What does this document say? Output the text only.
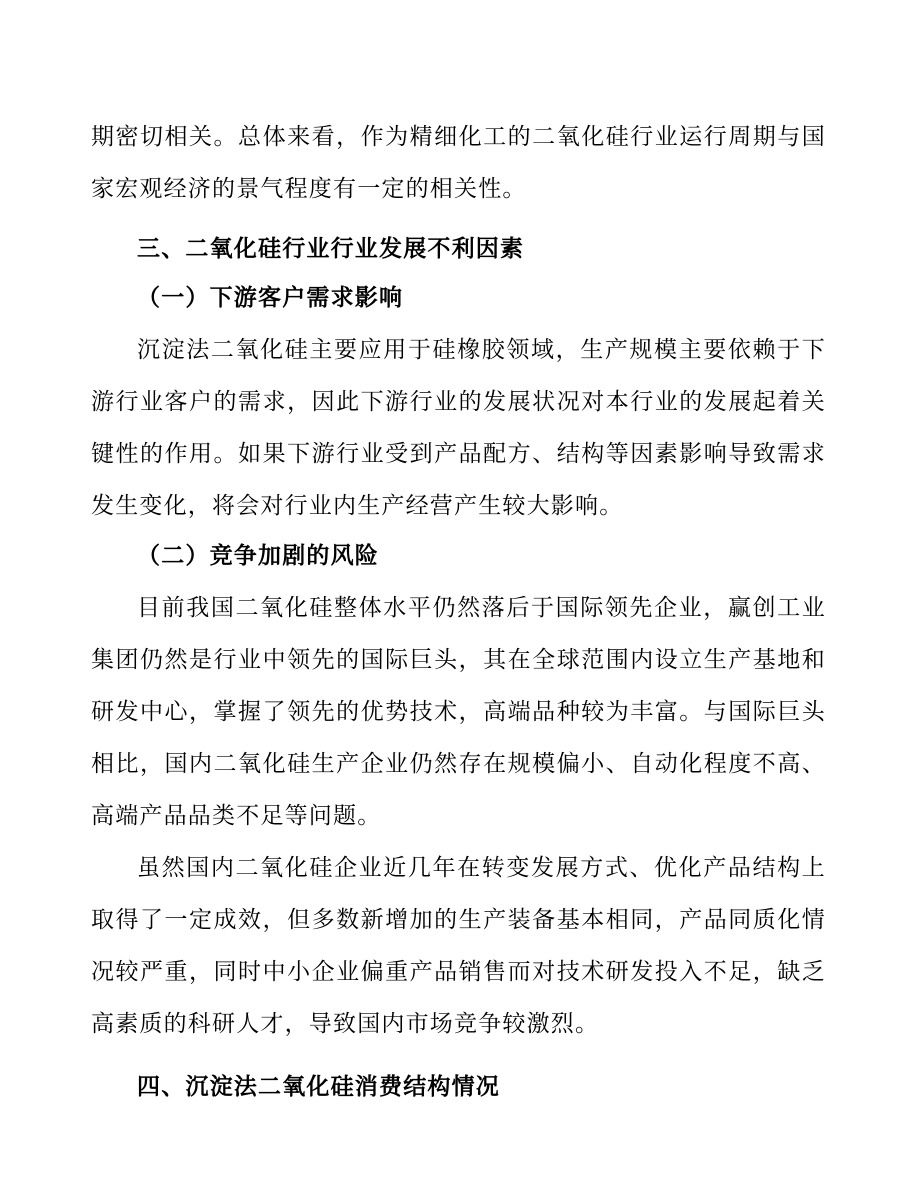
期密切相关。总体来看，作为精细化工的二氧化硅行业运行周期与国家宏观经济的景气程度有一定的相关性。

三、二氧化硅行业行业发展不利因素
（一）下游客户需求影响

沉淀法二氧化硅主要应用于硅橡胶领域，生产规模主要依赖于下游行业客户的需求，因此下游行业的发展状况对本行业的发展起着关键性的作用。如果下游行业受到产品配方、结构等因素影响导致需求发生变化，将会对行业内生产经营产生较大影响。

（二）竞争加剧的风险

目前我国二氧化硅整体水平仍然落后于国际领先企业，赢创工业集团仍然是行业中领先的国际巨头，其在全球范围内设立生产基地和研发中心，掌握了领先的优势技术，高端品种较为丰富。与国际巨头相比，国内二氧化硅生产企业仍然存在规模偏小、自动化程度不高、高端产品品类不足等问题。

虽然国内二氧化硅企业近几年在转变发展方式、优化产品结构上取得了一定成效，但多数新增加的生产装备基本相同，产品同质化情况较严重，同时中小企业偏重产品销售而对技术研发投入不足，缺乏高素质的科研人才，导致国内市场竞争较激烈。

四、沉淀法二氧化硅消费结构情况
